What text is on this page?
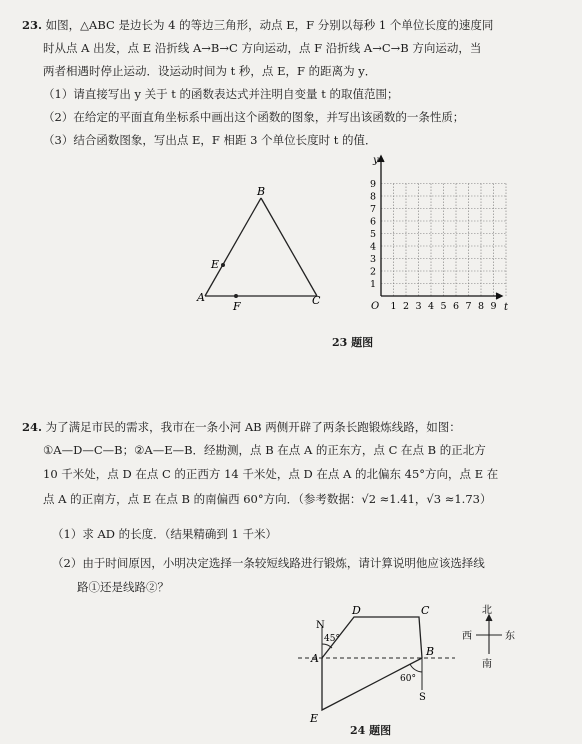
23. 如图，△ABC 是边长为 4 的等边三角形，动点 E，F 分别以每秒 1 个单位长度的速度同
时从点 A 出发，点 E 沿折线 A→B→C 方向运动，点 F 沿折线 A→C→B 方向运动，当
两者相遇时停止运动．设运动时间为 t 秒，点 E，F 的距离为 y．
（1）请直接写出 y 关于 t 的函数表达式并注明自变量 t 的取值范围；
（2）在给定的平面直角坐标系中画出这个函数的图象，并写出该函数的一条性质；
（3）结合函数图象，写出点 E，F 相距 3 个单位长度时 t 的值．
A
B
C
E
F
y
t
O
1
2
3
4
5
6
7
8
9
1 2 3 4 5 6 7 8 9
23 题图
24. 为了满足市民的需求，我市在一条小河 AB 两侧开辟了两条长跑锻炼线路，如图：
①A—D—C—B；②A—E—B．经勘测，点 B 在点 A 的正东方，点 C 在点 B 的正北方
10 千米处，点 D 在点 C 的正西方 14 千米处，点 D 在点 A 的北偏东 45°方向，点 E 在
点 A 的正南方，点 E 在点 B 的南偏西 60°方向．（参考数据：√2 ≈1.41，√3 ≈1.73）
（1）求 AD 的长度．（结果精确到 1 千米）
（2）由于时间原因，小明决定选择一条较短线路进行锻炼，请计算说明他应该选择线
路①还是线路②？
A
B
C
D
E
N
S
45°
60°
北
南
西	东
24 题图
